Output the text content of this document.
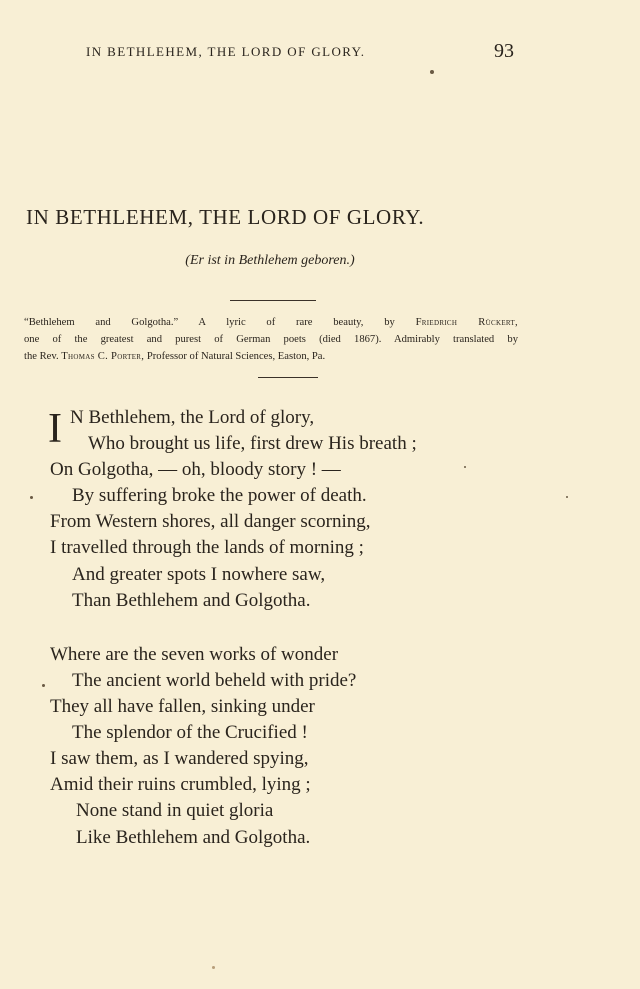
IN BETHLEHEM, THE LORD OF GLORY.	93
IN BETHLEHEM, THE LORD OF GLORY.
(Er ist in Bethlehem geboren.)
“Bethlehem and Golgotha.” A lyric of rare beauty, by Friedrich Rückert,
one of the greatest and purest of German poets (died 1867). Admirably translated by
the Rev. Thomas C. Porter, Professor of Natural Sciences, Easton, Pa.
I N Bethlehem, the Lord of glory,
Who brought us life, first drew His breath ;
On Golgotha, — oh, bloody story ! —
By suffering broke the power of death.
From Western shores, all danger scorning,
I travelled through the lands of morning ;
And greater spots I nowhere saw,
Than Bethlehem and Golgotha.
Where are the seven works of wonder
The ancient world beheld with pride?
They all have fallen, sinking under
The splendor of the Crucified !
I saw them, as I wandered spying,
Amid their ruins crumbled, lying ;
None stand in quiet gloria
Like Bethlehem and Golgotha.
